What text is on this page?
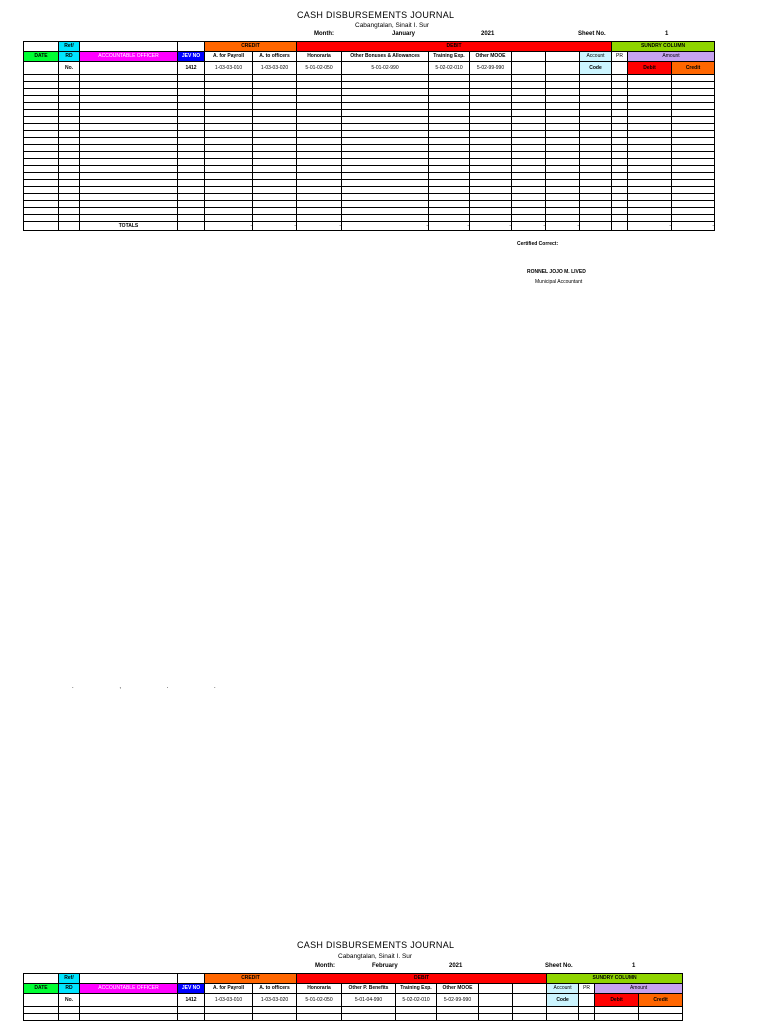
CASH DISBURSEMENTS JOURNAL
Cabangtalan, Sinait I. Sur
Month:	January	2021	Sheet No.	1
	Ref/			CREDIT		DEBIT							SUNDRY COLUMN		
DATE	RD	ACCOUNTABLE OFFICER	JEV NO	A. for Payroll	A. to officers	Honoraria	Other Bonuses & Allowances	Training Exp.	Other MOOE			Account	PR	Amount	
	No.		1412	1-03-03-010	1-03-03-020	5-01-02-050	5-01-02-990	5-02-02-010	5-02-99-990			Code		Debit	Credit

		TOTALS		-	-	-	-	-	-	-	-			-	-
Certified Correct:
RONNEL JOJO M. LIVED
Municipal Accountant
. , . .
CASH DISBURSEMENTS JOURNAL
Cabangtalan, Sinait I. Sur
Month:	February	2021	Sheet No.	1
	Ref/			CREDIT		DEBIT						SUNDRY COLUMN			
DATE	RD	ACCOUNTABLE OFFICER	JEV NO	A. for Payroll	A. to officers	Honoraria	Other P. Benefits	Training Exp.	Other MOOE			Account	PR	Amount	
	No.		1412	1-03-03-010	1-03-03-020	5-01-02-050	5-01-04-990	5-02-02-010	5-02-99-990			Code		Debit	Credit
